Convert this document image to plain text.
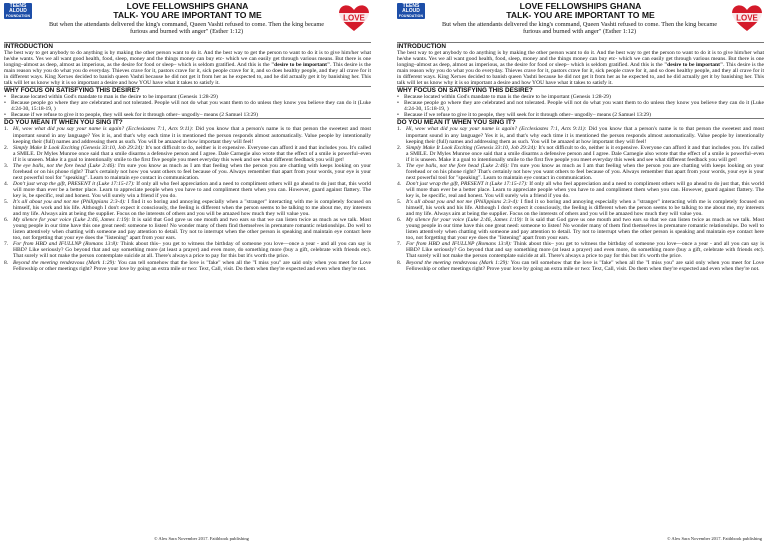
TEENS
ALOUD
FOUNDATION
LOVE FELLOWSHIPS GHANA
TALK- YOU ARE IMPORTANT TO ME
But when the attendants delivered the king's command, Queen Vashti refused to come. Then the king became furious and burned with anger" (Esther 1:12)
LOVE
INTRODUCTION

The best way to get anybody to do anything is by making the other person want to do it. And the best way to get the person to want to do it is to give him/her what he/she wants. Yes we all want good health, food, sleep, money and the things money can buy etc- which we can easily get through various means. But there is one longing–almost as deep, almost as imperious, as the desire for food or sleep– which is seldom gratified. And this is the "desire to be important". This desire is the main reason why you do what you do everyday. Thieves crave for it, pastors crave for it, sick people crave for it, and so does healthy people, and they all crave for it in different ways. King Xerxes decided to banish queen Vashti because he did not get it from her as he expected to, and he did actually get it by banishing her. This talk will let us know why it is so important a desire and how YOU have what it takes to satisfy it.

WHY FOCUS ON SATISFYING THIS DESIRE?
• Because located within God's mandate to man is the desire to be important (Genesis 1:28-29)
• Because people go where they are celebrated and not tolerated. People will not do what you want them to do unless they know you believe they can do it (Luke 4:24-30, 15:18-19, )
• Because if we refuse to give it to people, they will seek for it through other– ungodly– means (2 Samuel 13:29)
DO YOU MEAN IT WHEN YOU SING IT?
1. Hi, wow what did you say your name is again? (Ecclesiastes 7:1, Acts 9:11): Did you know that a person's name is to that person the sweetest and most important sound in any language? Yes it is, and that's why each time it is mentioned the person responds almost automatically. Value people by intentionally keeping their (full) names and addressing them as such. You will be amazed at how important they will feel!
2. Simply Make It Look Exciting (Genesis 33:10, Job 29:24): It's not difficult to do, neither is it expensive. Everyone can afford it and that includes you. It's called a SMILE. Dr Myles Munroe once said that a smile disarms a defensive person and I agree. Dale Carnegie also wrote that the effect of a smile is powerful–even if it is unseen. Make it a goal to intentionally smile to the first five people you meet everyday this week and see what different feedback you will get!
3. The eye balls, not the fore head (Luke 2:46): I'm sure you know as much as I am that feeling when the person you are chatting with keeps looking on your forehead or on his phone right? That's certainly not how you want others to feel because of you. Always remember that apart from your words, your eye is your next powerful tool for "speaking". Learn to maintain eye contact in communication.
4. Don't just wrap the gift, PRESENT it (Luke 17:15-17): If only all who feel appreciation and a need to compliment others will go ahead to do just that, this world will more than ever be a better place. Learn to appreciate people when you have to and compliment them when you can. However, guard against flattery. The key is, be specific, real and honest. You will surely win a friend if you do.
5. It's all about you and not me (Philippians 2:3-4): I find it so boring and annoying especially when a "stranger" interacting with me is completely focused on himself, his work and his life. Although I don't expect it consciously, the feeling is different when the person seems to be talking to me about me, my interests and my life. Always aim at being the supplier. Focus on the interests of others and you will be amazed how much they will value you.
6. My silence for your voice (Luke 2:46, James 1:19): It is said that God gave us one mouth and two ears so that we can listen twice as much as we talk. Most young people in our time have this one great need: someone to listen! No wonder many of them find themselves in premature romantic relationships. Do well to listen attentively when chatting with someone and pay attention to detail. Try not to interrupt when the other person is speaking and maintain eye contact here too, not forgetting that your eye does the "listening" apart from your ears.
7. For from HBD and IFULLNP (Romans 13:8): Think about this– you get to witness the birthday of someone you love—once a year - and all you can say is HBD? Like seriously? Go beyond that and say something more (at least a prayer) and even more, do something more (buy a gift, celebrate with friends etc). That surely will not make the person contemplate suicide at all. There's always a price to pay for this but it's worth the price.
8. Beyond the meeting rendezvous (Mark 1:29): You can tell somehow that the love is "fake" when all the "I miss you" are said only when you meet for Love Fellowship or other meetings right? Prove your love by going an extra mile or two: Text, Call, visit. Do them when they're expected and even when they're not.
© Alex Sara November 2017. Faithbook publishing
TEENS
ALOUD
FOUNDATION
LOVE FELLOWSHIPS GHANA
TALK- YOU ARE IMPORTANT TO ME
But when the attendants delivered the king's command, Queen Vashti refused to come. Then the king became furious and burned with anger" (Esther 1:12)
LOVE
INTRODUCTION

The best way to get anybody to do anything is by making the other person want to do it. And the best way to get the person to want to do it is to give him/her what he/she wants. Yes we all want good health, food, sleep, money and the things money can buy etc- which we can easily get through various means. But there is one longing–almost as deep, almost as imperious, as the desire for food or sleep– which is seldom gratified. And this is the "desire to be important". This desire is the main reason why you do what you do everyday. Thieves crave for it, pastors crave for it, sick people crave for it, and so does healthy people, and they all crave for it in different ways. King Xerxes decided to banish queen Vashti because he did not get it from her as he expected to, and he did actually get it by banishing her. This talk will let us know why it is so important a desire and how YOU have what it takes to satisfy it.

WHY FOCUS ON SATISFYING THIS DESIRE?
• Because located within God's mandate to man is the desire to be important (Genesis 1:28-29)
• Because people go where they are celebrated and not tolerated. People will not do what you want them to do unless they know you believe they can do it (Luke 4:24-30, 15:18-19, )
• Because if we refuse to give it to people, they will seek for it through other– ungodly– means (2 Samuel 13:29)
DO YOU MEAN IT WHEN YOU SING IT?
1. Hi, wow what did you say your name is again? (Ecclesiastes 7:1, Acts 9:11): Did you know that a person's name is to that person the sweetest and most important sound in any language? Yes it is, and that's why each time it is mentioned the person responds almost automatically. Value people by intentionally keeping their (full) names and addressing them as such. You will be amazed at how important they will feel!
2. Simply Make It Look Exciting (Genesis 33:10, Job 29:24): It's not difficult to do, neither is it expensive. Everyone can afford it and that includes you. It's called a SMILE. Dr Myles Munroe once said that a smile disarms a defensive person and I agree. Dale Carnegie also wrote that the effect of a smile is powerful–even if it is unseen. Make it a goal to intentionally smile to the first five people you meet everyday this week and see what different feedback you will get!
3. The eye balls, not the fore head (Luke 2:46): I'm sure you know as much as I am that feeling when the person you are chatting with keeps looking on your forehead or on his phone right? That's certainly not how you want others to feel because of you. Always remember that apart from your words, your eye is your next powerful tool for "speaking". Learn to maintain eye contact in communication.
4. Don't just wrap the gift, PRESENT it (Luke 17:15-17): If only all who feel appreciation and a need to compliment others will go ahead to do just that, this world will more than ever be a better place. Learn to appreciate people when you have to and compliment them when you can. However, guard against flattery. The key is, be specific, real and honest. You will surely win a friend if you do.
5. It's all about you and not me (Philippians 2:3-4): I find it so boring and annoying especially when a "stranger" interacting with me is completely focused on himself, his work and his life. Although I don't expect it consciously, the feeling is different when the person seems to be talking to me about me, my interests and my life. Always aim at being the supplier. Focus on the interests of others and you will be amazed how much they will value you.
6. My silence for your voice (Luke 2:46, James 1:19): It is said that God gave us one mouth and two ears so that we can listen twice as much as we talk. Most young people in our time have this one great need: someone to listen! No wonder many of them find themselves in premature romantic relationships. Do well to listen attentively when chatting with someone and pay attention to detail. Try not to interrupt when the other person is speaking and maintain eye contact here too, not forgetting that your eye does the "listening" apart from your ears.
7. For from HBD and IFULLNP (Romans 13:8): Think about this– you get to witness the birthday of someone you love—once a year - and all you can say is HBD? Like seriously? Go beyond that and say something more (at least a prayer) and even more, do something more (buy a gift, celebrate with friends etc). That surely will not make the person contemplate suicide at all. There's always a price to pay for this but it's worth the price.
8. Beyond the meeting rendezvous (Mark 1:29): You can tell somehow that the love is "fake" when all the "I miss you" are said only when you meet for Love Fellowship or other meetings right? Prove your love by going an extra mile or two: Text, Call, visit. Do them when they're expected and even when they're not.
© Alex Sara November 2017. Faithbook publishing
